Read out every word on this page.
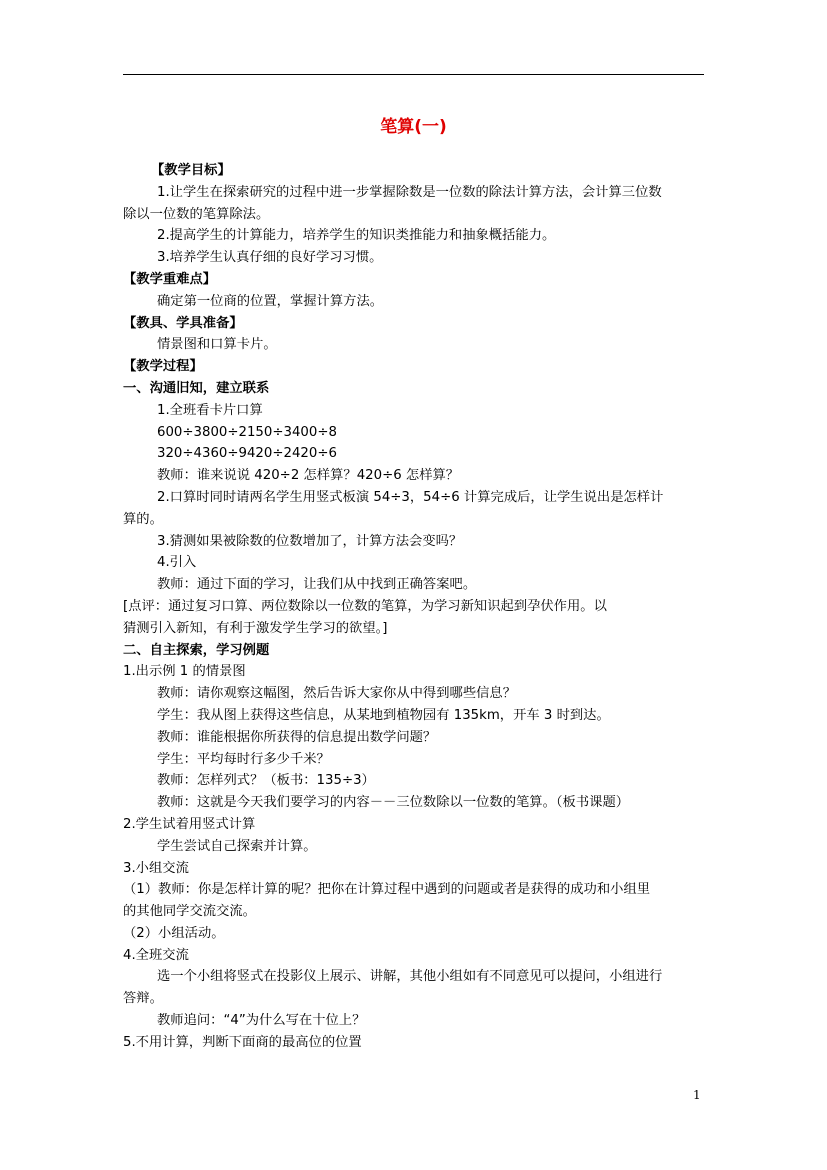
笔算(一)

【教学目标】

1.让学生在探索研究的过程中进一步掌握除数是一位数的除法计算方法，会计算三位数

除以一位数的笔算除法。

2.提高学生的计算能力，培养学生的知识类推能力和抽象概括能力。

3.培养学生认真仔细的良好学习习惯。

【教学重难点】

确定第一位商的位置，掌握计算方法。

【教具、学具准备】

情景图和口算卡片。

【教学过程】

一、沟通旧知，建立联系

1.全班看卡片口算

600÷3800÷2150÷3400÷8

320÷4360÷9420÷2420÷6

教师：谁来说说 420÷2 怎样算？420÷6 怎样算？

2.口算时同时请两名学生用竖式板演 54÷3，54÷6 计算完成后，让学生说出是怎样计

算的。

3.猜测如果被除数的位数增加了，计算方法会变吗？

4.引入

教师：通过下面的学习，让我们从中找到正确答案吧。

[点评：通过复习口算、两位数除以一位数的笔算，为学习新知识起到孕伏作用。以

猜测引入新知，有利于激发学生学习的欲望。]

二、自主探索，学习例题

1.出示例 1 的情景图

教师：请你观察这幅图，然后告诉大家你从中得到哪些信息？

学生：我从图上获得这些信息，从某地到植物园有 135km，开车 3 时到达。

教师：谁能根据你所获得的信息提出数学问题？

学生：平均每时行多少千米？

教师：怎样列式？（板书：135÷3）

教师：这就是今天我们要学习的内容－－三位数除以一位数的笔算。（板书课题）

2.学生试着用竖式计算

学生尝试自己探索并计算。

3.小组交流

（1）教师：你是怎样计算的呢？把你在计算过程中遇到的问题或者是获得的成功和小组里

的其他同学交流交流。

（2）小组活动。

4.全班交流

选一个小组将竖式在投影仪上展示、讲解，其他小组如有不同意见可以提问，小组进行

答辩。

教师追问：“4”为什么写在十位上？

5.不用计算，判断下面商的最高位的位置

1
